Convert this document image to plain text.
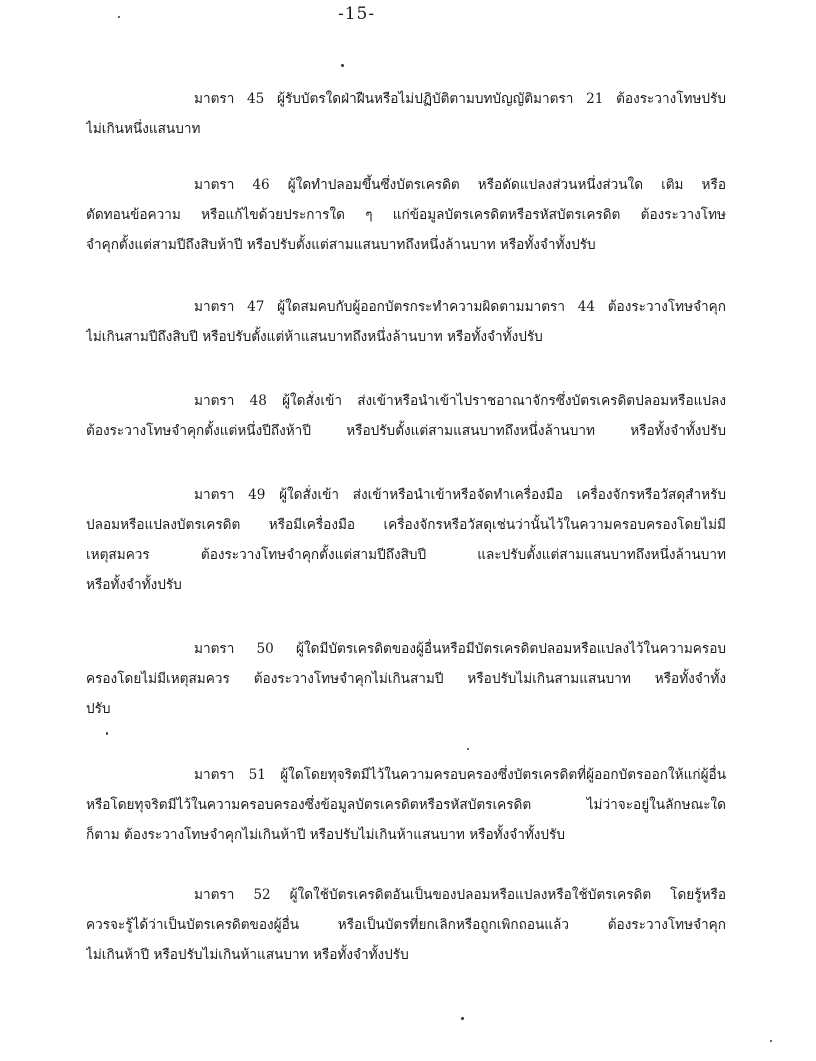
-15-
มาตรา 45 ผู้รับบัตรใดฝ่าฝืนหรือไม่ปฏิบัติตามบทบัญญัติมาตรา 21 ต้องระวางโทษปรับ
ไม่เกินหนึ่งแสนบาท
มาตรา 46 ผู้ใดทำปลอมขึ้นซึ่งบัตรเครดิต หรือดัดแปลงส่วนหนึ่งส่วนใด เติม หรือ
ตัดทอนข้อความ หรือแก้ไขด้วยประการใด ๆ แก่ข้อมูลบัตรเครดิตหรือรหัสบัตรเครดิต ต้องระวางโทษ
จำคุกตั้งแต่สามปีถึงสิบห้าปี หรือปรับตั้งแต่สามแสนบาทถึงหนึ่งล้านบาท หรือทั้งจำทั้งปรับ
มาตรา 47 ผู้ใดสมคบกับผู้ออกบัตรกระทำความผิดตามมาตรา 44 ต้องระวางโทษจำคุก
ไม่เกินสามปีถึงสิบปี หรือปรับตั้งแต่ห้าแสนบาทถึงหนึ่งล้านบาท หรือทั้งจำทั้งปรับ
มาตรา 48 ผู้ใดสั่งเข้า ส่งเข้าหรือนำเข้าไปราชอาณาจักรซึ่งบัตรเครดิตปลอมหรือแปลง
ต้องระวางโทษจำคุกตั้งแต่หนึ่งปีถึงห้าปี หรือปรับตั้งแต่สามแสนบาทถึงหนึ่งล้านบาท หรือทั้งจำทั้งปรับ
มาตรา 49 ผู้ใดสั่งเข้า ส่งเข้าหรือนำเข้าหรือจัดทำเครื่องมือ เครื่องจักรหรือวัสดุสำหรับ
ปลอมหรือแปลงบัตรเครดิต หรือมีเครื่องมือ เครื่องจักรหรือวัสดุเช่นว่านั้นไว้ในความครอบครองโดยไม่มี
เหตุสมควร ต้องระวางโทษจำคุกตั้งแต่สามปีถึงสิบปี และปรับตั้งแต่สามแสนบาทถึงหนึ่งล้านบาท
หรือทั้งจำทั้งปรับ
มาตรา 50 ผู้ใดมีบัตรเครดิตของผู้อื่นหรือมีบัตรเครดิตปลอมหรือแปลงไว้ในความครอบ
ครองโดยไม่มีเหตุสมควร ต้องระวางโทษจำคุกไม่เกินสามปี หรือปรับไม่เกินสามแสนบาท หรือทั้งจำทั้ง
ปรับ
มาตรา 51 ผู้ใดโดยทุจริตมีไว้ในความครอบครองซึ่งบัตรเครดิตที่ผู้ออกบัตรออกให้แก่ผู้อื่น
หรือโดยทุจริตมีไว้ในความครอบครองซึ่งข้อมูลบัตรเครดิตหรือรหัสบัตรเครดิต ไม่ว่าจะอยู่ในลักษณะใด
ก็ตาม ต้องระวางโทษจำคุกไม่เกินห้าปี หรือปรับไม่เกินห้าแสนบาท หรือทั้งจำทั้งปรับ
มาตรา 52 ผู้ใดใช้บัตรเครดิตอันเป็นของปลอมหรือแปลงหรือใช้บัตรเครดิต โดยรู้หรือ
ควรจะรู้ได้ว่าเป็นบัตรเครดิตของผู้อื่น หรือเป็นบัตรที่ยกเลิกหรือถูกเพิกถอนแล้ว ต้องระวางโทษจำคุก
ไม่เกินห้าปี หรือปรับไม่เกินห้าแสนบาท หรือทั้งจำทั้งปรับ
